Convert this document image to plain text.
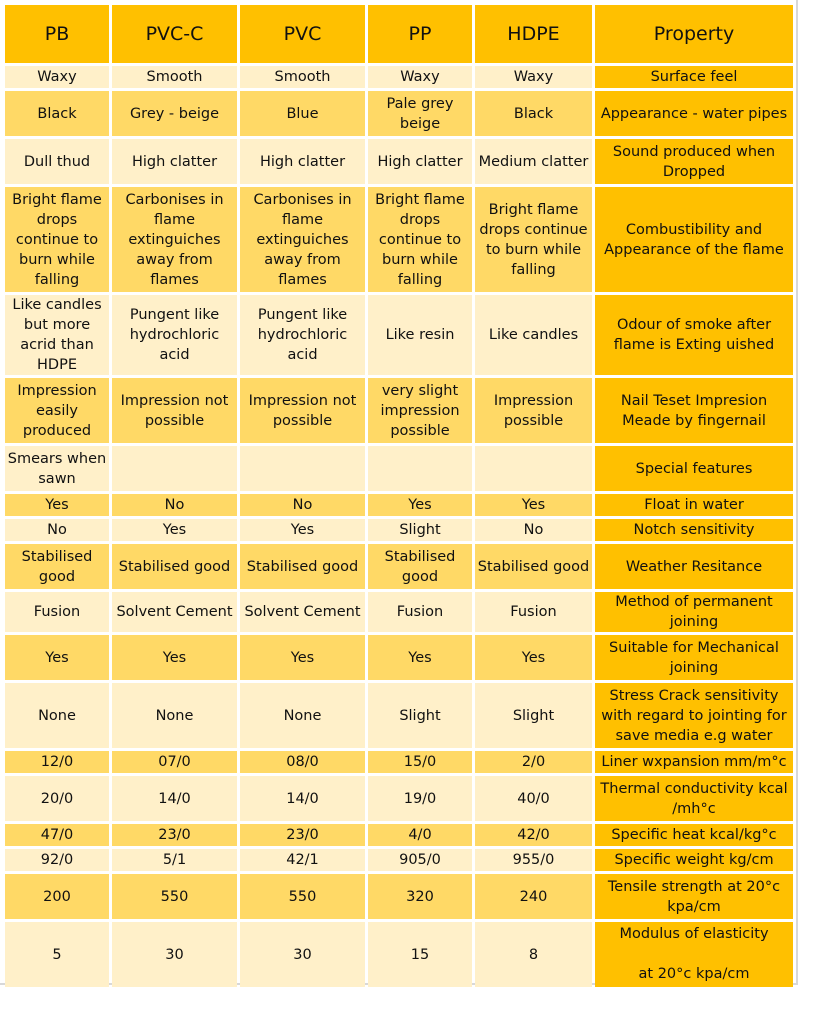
PB	PVC-C	PVC	PP	HDPE	Property
Waxy	Smooth	Smooth	Waxy	Waxy	Surface feel
Black	Grey - beige	Blue	Pale grey beige	Black	Appearance - water pipes
Dull thud	High clatter	High clatter	High clatter	Medium clatter	Sound produced when Dropped
Bright flame drops continue to burn while falling	Carbonises in flame extinguiches away from flames	Carbonises in flame extinguiches away from flames	Bright flame drops continue to burn while falling	Bright flame drops continue to burn while falling	Combustibility and Appearance of the flame
Like candles but more acrid than HDPE	Pungent like hydrochloric acid	Pungent like hydrochloric acid	Like resin	Like candles	Odour of smoke after flame is Exting uished
Impression easily produced	Impression not possible	Impression not possible	very slight impression possible	Impression possible	Nail Teset Impresion Meade by fingernail
Smears when sawn					Special features
Yes	No	No	Yes	Yes	Float in water
No	Yes	Yes	Slight	No	Notch sensitivity
Stabilised good	Stabilised good	Stabilised good	Stabilised good	Stabilised good	Weather Resitance
Fusion	Solvent Cement	Solvent Cement	Fusion	Fusion	Method of permanent joining
Yes	Yes	Yes	Yes	Yes	Suitable for Mechanical joining
None	None	None	Slight	Slight	Stress Crack sensitivity with regard to jointing for save media e.g water
12/0	07/0	08/0	15/0	2/0	Liner wxpansion mm/m°c
20/0	14/0	14/0	19/0	40/0	Thermal conductivity kcal /mh°c
47/0	23/0	23/0	4/0	42/0	Specific heat kcal/kg°c
92/0	5/1	42/1	905/0	955/0	Specific weight kg/cm
200	550	550	320	240	Tensile strength at 20°c kpa/cm
5	30	30	15	8	Modulus of elasticity
at 20°c kpa/cm
